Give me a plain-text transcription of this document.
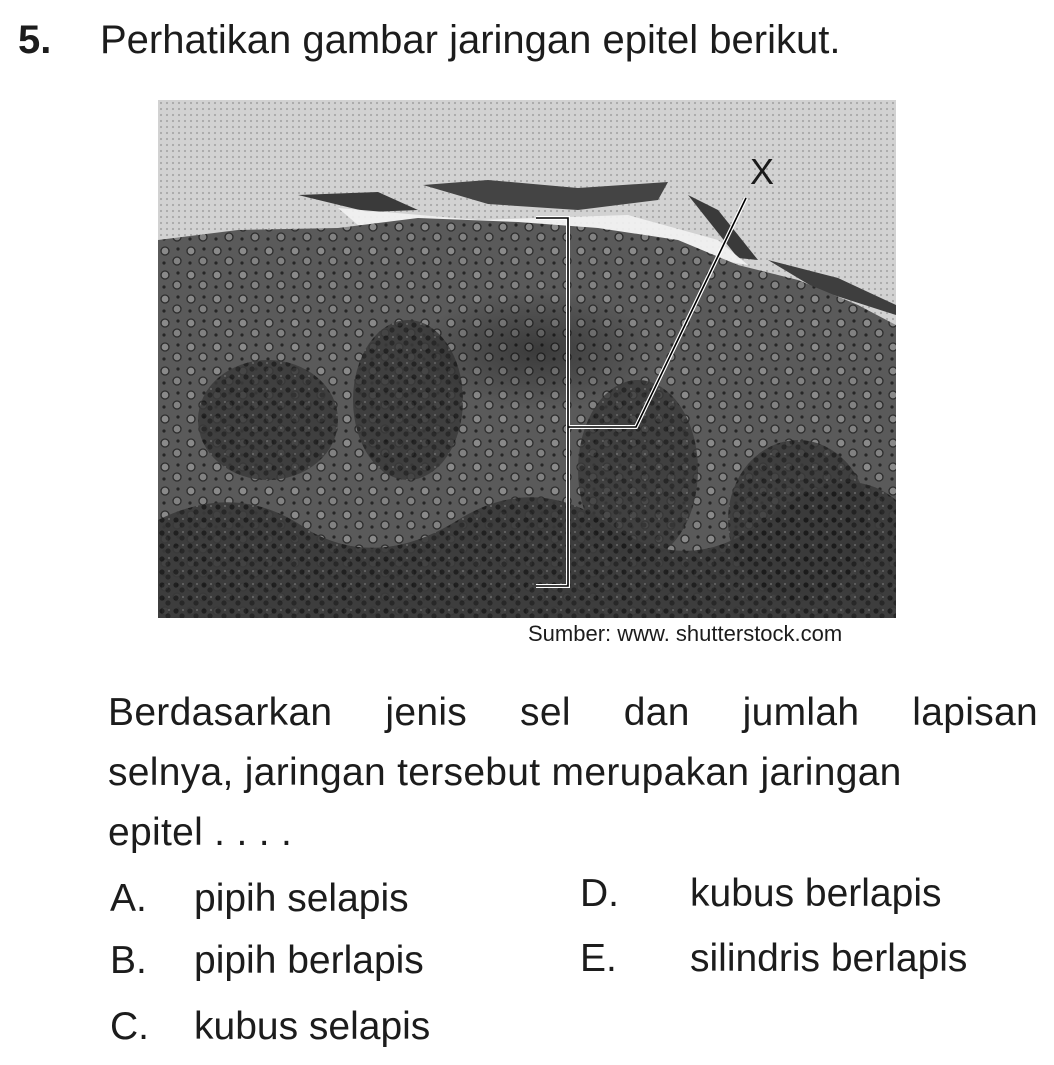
5. Perhatikan gambar jaringan epitel berikut.
X
Sumber: www. shutterstock.com
Berdasarkan jenis sel dan jumlah lapisan
selnya, jaringan tersebut merupakan jaringan
epitel . . . .
A. pipih selapis
B. pipih berlapis
C. kubus selapis
D. kubus berlapis
E. silindris berlapis
